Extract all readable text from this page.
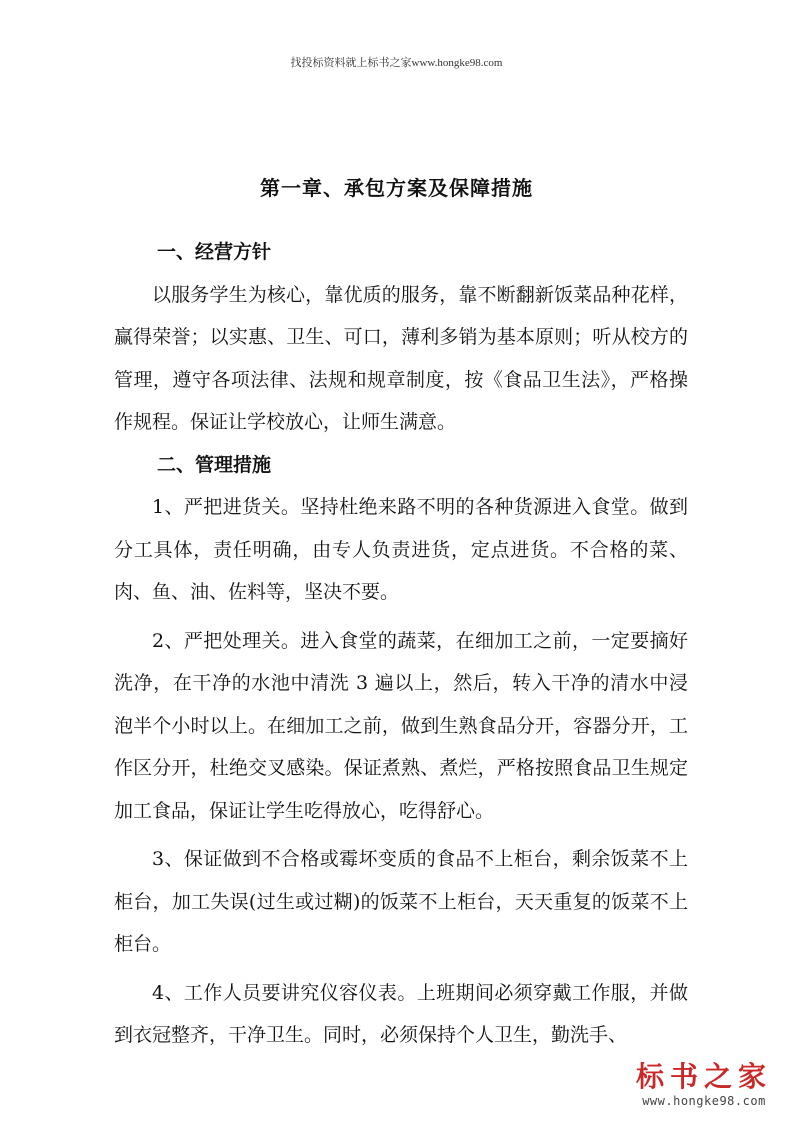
找投标资料就上标书之家www.hongke98.com
第一章、承包方案及保障措施

一、经营方针

以服务学生为核心，靠优质的服务，靠不断翻新饭菜品种花样，赢得荣誉；以实惠、卫生、可口，薄利多销为基本原则；听从校方的管理，遵守各项法律、法规和规章制度，按《食品卫生法》，严格操作规程。保证让学校放心，让师生满意。

二、管理措施

1、严把进货关。坚持杜绝来路不明的各种货源进入食堂。做到分工具体，责任明确，由专人负责进货，定点进货。不合格的菜、肉、鱼、油、佐料等，坚决不要。

2、严把处理关。进入食堂的蔬菜，在细加工之前，一定要摘好洗净，在干净的水池中清洗 3 遍以上，然后，转入干净的清水中浸泡半个小时以上。在细加工之前，做到生熟食品分开，容器分开，工作区分开，杜绝交叉感染。保证煮熟、煮烂，严格按照食品卫生规定加工食品，保证让学生吃得放心，吃得舒心。

3、保证做到不合格或霉坏变质的食品不上柜台，剩余饭菜不上柜台，加工失误(过生或过糊)的饭菜不上柜台，天天重复的饭菜不上柜台。

4、工作人员要讲究仪容仪表。上班期间必须穿戴工作服，并做到衣冠整齐，干净卫生。同时，必须保持个人卫生，勤洗手、

标书之家
www.hongke98.com
